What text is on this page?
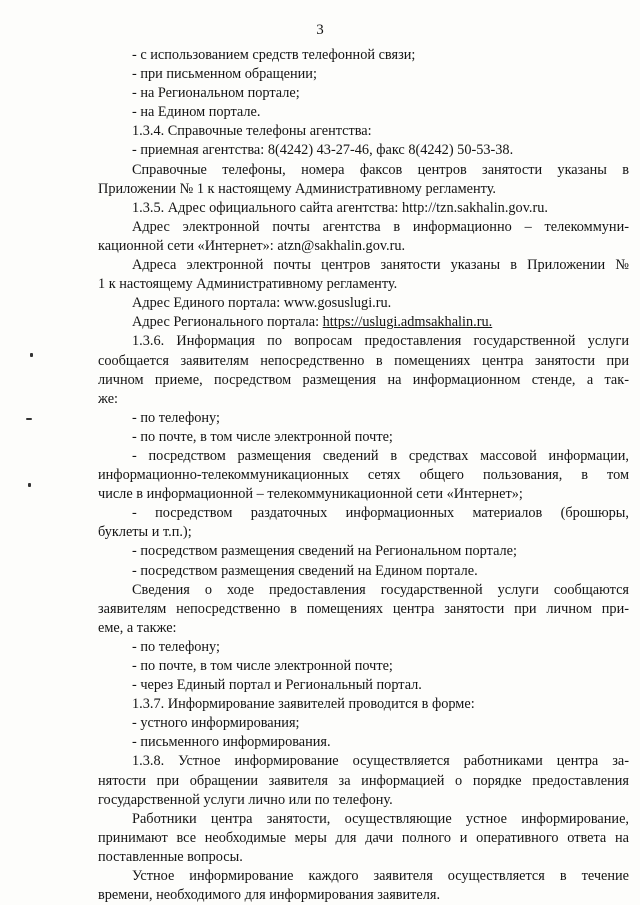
3
- с использованием средств телефонной связи;
- при письменном обращении;
- на Региональном портале;
- на Едином портале.
1.3.4. Справочные телефоны агентства:
- приемная агентства: 8(4242) 43-27-46, факс 8(4242) 50-53-38.
Справочные телефоны, номера факсов центров занятости указаны в
Приложении № 1 к настоящему Административному регламенту.
1.3.5. Адрес официального сайта агентства: http://tzn.sakhalin.gov.ru.
Адрес электронной почты агентства в информационно – телекоммуни-
кационной сети «Интернет»: atzn@sakhalin.gov.ru.
Адреса электронной почты центров занятости указаны в Приложении №
1 к настоящему Административному регламенту.
Адрес Единого портала: www.gosuslugi.ru.
Адрес Регионального портала: https://uslugi.admsakhalin.ru.
1.3.6. Информация по вопросам предоставления государственной услуги
сообщается заявителям непосредственно в помещениях центра занятости при
личном приеме, посредством размещения на информационном стенде, а так-
же:
- по телефону;
- по почте, в том числе электронной почте;
- посредством размещения сведений в средствах массовой информации,
информационно-телекоммуникационных сетях общего пользования, в том
числе в информационной – телекоммуникационной сети «Интернет»;
- посредством раздаточных информационных материалов (брошюры,
буклеты и т.п.);
- посредством размещения сведений на Региональном портале;
- посредством размещения сведений на Едином портале.
Сведения о ходе предоставления государственной услуги сообщаются
заявителям непосредственно в помещениях центра занятости при личном при-
еме, а также:
- по телефону;
- по почте, в том числе электронной почте;
- через Единый портал и Региональный портал.
1.3.7. Информирование заявителей проводится в форме:
- устного информирования;
- письменного информирования.
1.3.8. Устное информирование осуществляется работниками центра за-
нятости при обращении заявителя за информацией о порядке предоставления
государственной услуги лично или по телефону.
Работники центра занятости, осуществляющие устное информирование,
принимают все необходимые меры для дачи полного и оперативного ответа на
поставленные вопросы.
Устное информирование каждого заявителя осуществляется в течение
времени, необходимого для информирования заявителя.
